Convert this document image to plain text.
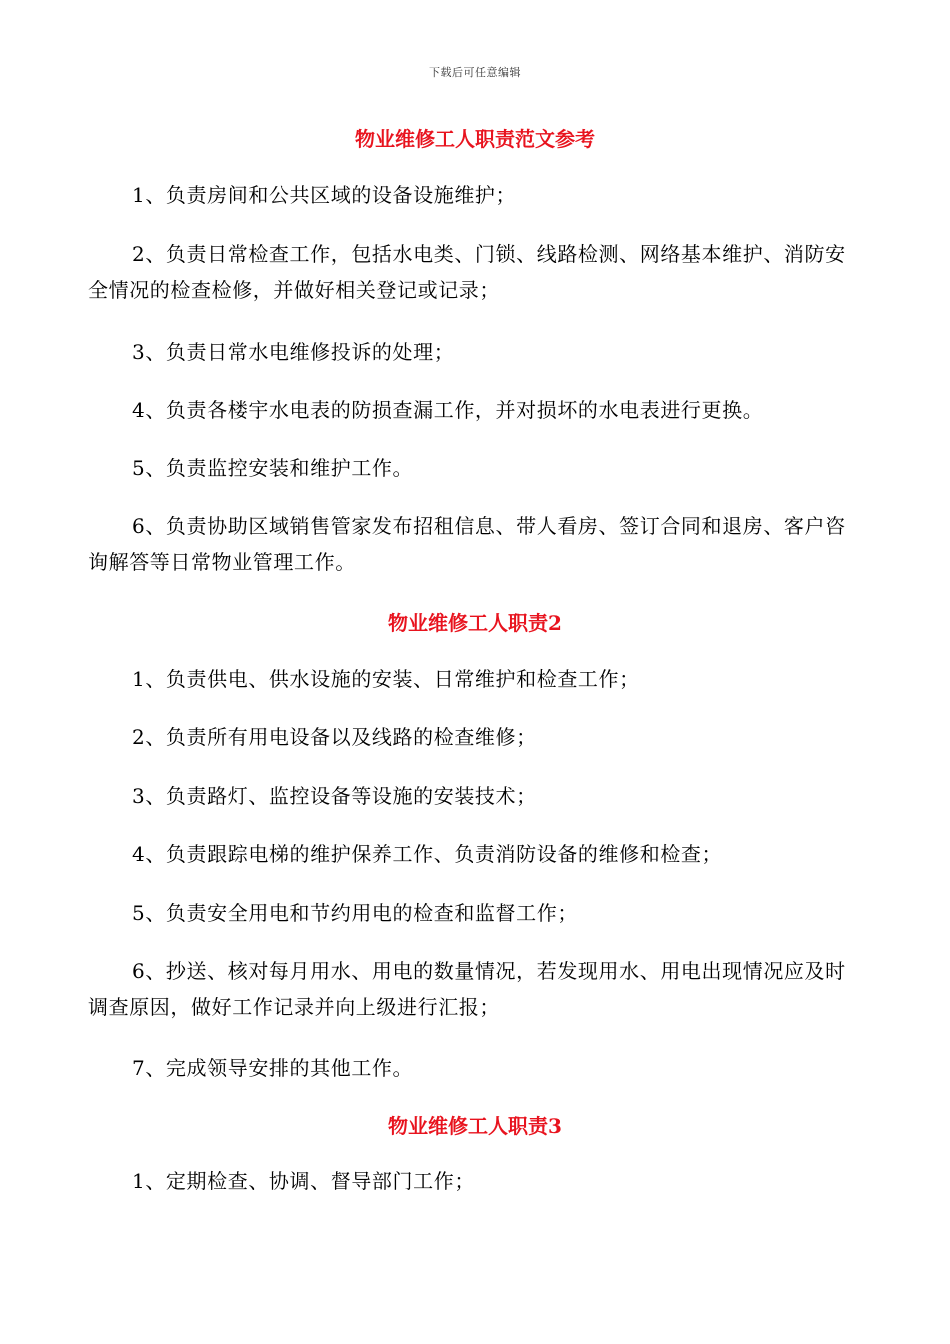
下载后可任意编辑
物业维修工人职责范文参考
1、负责房间和公共区域的设备设施维护；
2、负责日常检查工作，包括水电类、门锁、线路检测、网络基本维护、消防安全情况的检查检修，并做好相关登记或记录；
3、负责日常水电维修投诉的处理；
4、负责各楼宇水电表的防损查漏工作，并对损坏的水电表进行更换。
5、负责监控安装和维护工作。
6、负责协助区域销售管家发布招租信息、带人看房、签订合同和退房、客户咨询解答等日常物业管理工作。
物业维修工人职责2
1、负责供电、供水设施的安装、日常维护和检查工作；
2、负责所有用电设备以及线路的检查维修；
3、负责路灯、监控设备等设施的安装技术；
4、负责跟踪电梯的维护保养工作、负责消防设备的维修和检查；
5、负责安全用电和节约用电的检查和监督工作；
6、抄送、核对每月用水、用电的数量情况，若发现用水、用电出现情况应及时调查原因，做好工作记录并向上级进行汇报；
7、完成领导安排的其他工作。
物业维修工人职责3
1、定期检查、协调、督导部门工作；
